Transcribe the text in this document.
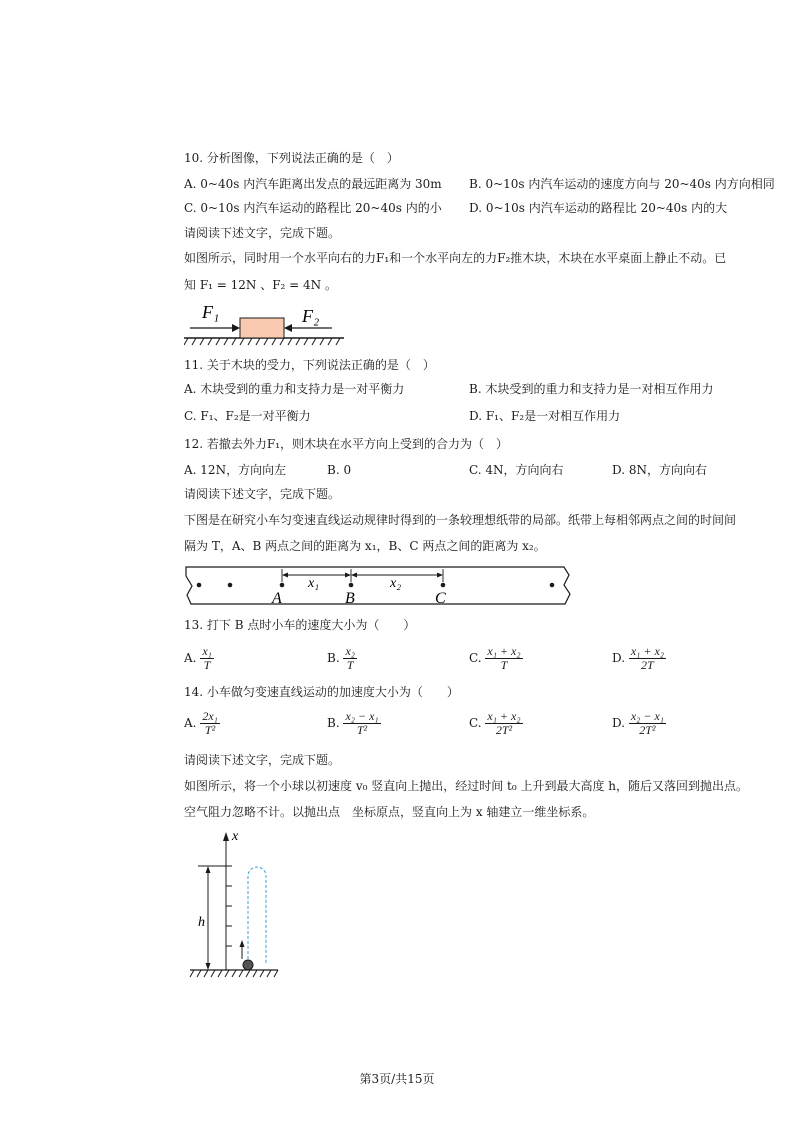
10. 分析图像，下列说法正确的是（　）
A. 0~40s 内汽车距离出发点的最远距离为 30m B. 0~10s 内汽车运动的速度方向与 20~40s 内方向相同
C. 0~10s 内汽车运动的路程比 20~40s 内的小 D. 0~10s 内汽车运动的路程比 20~40s 内的大
请阅读下述文字，完成下题。
如图所示，同时用一个水平向右的力F₁和一个水平向左的力F₂推木块，木块在水平桌面上静止不动。已
知 F₁ = 12N 、F₂ = 4N 。
F₁	F₂
11. 关于木块的受力，下列说法正确的是（　）
A. 木块受到的重力和支持力是一对平衡力	B. 木块受到的重力和支持力是一对相互作用力
C. F₁、F₂是一对平衡力	D. F₁、F₂是一对相互作用力
12. 若撤去外力F₁，则木块在水平方向上受到的合力为（　）
A. 12N，方向向左	B. 0	C. 4N，方向向右	D. 8N，方向向右
请阅读下述文字，完成下题。
下图是在研究小车匀变速直线运动规律时得到的一条较理想纸带的局部。纸带上每相邻两点之间的时间间
隔为 T，A、B 两点之间的距离为 x₁，B、C 两点之间的距离为 x₂。
x₁	x₂
A	B	C
13. 打下 B 点时小车的速度大小为（　　）
A. $\frac{\text{x₁}}{T}$	B. $\frac{\text{x₂}}{T}$	C. $\frac{\text{x₁ + x₂}}{T}$	D. $\frac{\text{x₁ + x₂}}{2T}$
14. 小车做匀变速直线运动的加速度大小为（　　）
A. $\frac{\text{2x₁}}{\text{T²}}$	B. $\frac{\text{x₂ − x₁}}{\text{T²}}$	C. $\frac{\text{x₁ + x₂}}{\text{2T²}}$	D. $\frac{\text{x₂ − x₁}}{\text{2T²}}$
请阅读下述文字，完成下题。
如图所示，将一个小球以初速度 v₀ 竖直向上抛出，经过时间 t₀ 上升到最大高度 h，随后又落回到抛出点。
空气阻力忽略不计。以抛出点　坐标原点，竖直向上为 x 轴建立一维坐标系。
x
h
第3页/共15页
